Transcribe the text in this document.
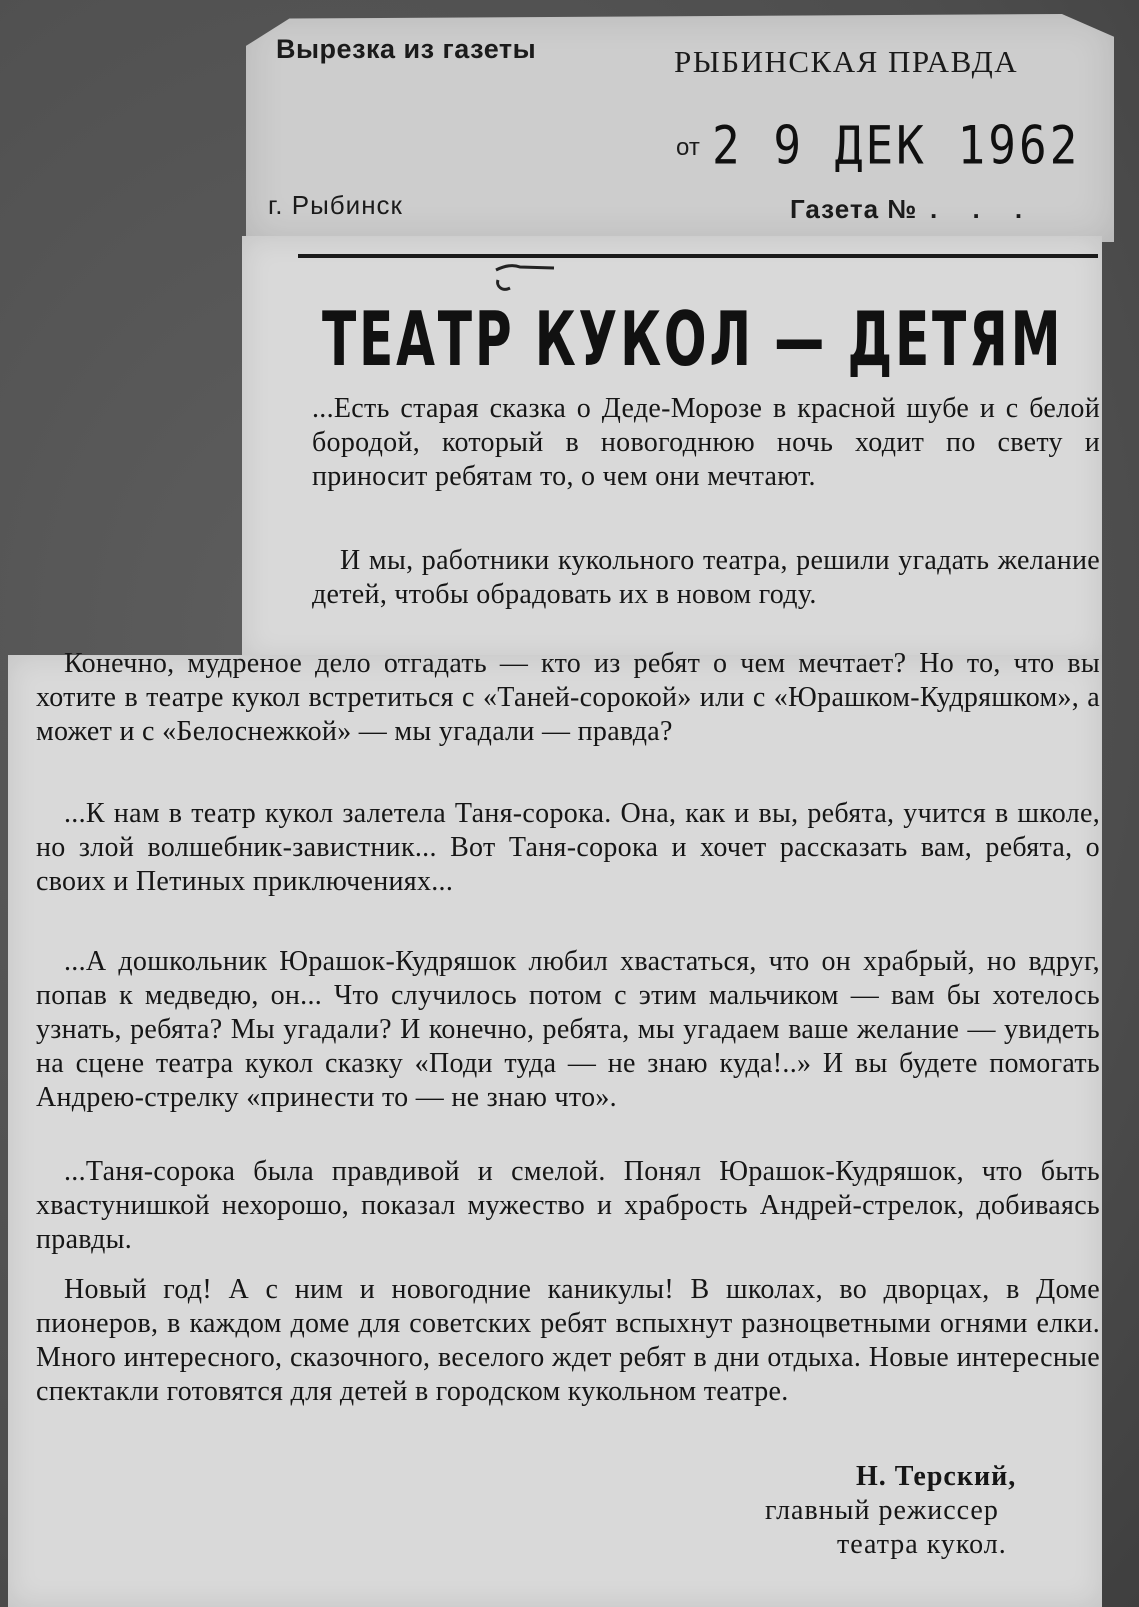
Вырезка из газеты	РЫБИНСКАЯ ПРАВДА
от 2 9 ДЕК 1962
г. Рыбинск	Газета № . . .
ТЕАТР КУКОЛ — ДЕТЯМ
...Есть старая сказка о Деде-Морозе в красной шубе и с белой бородой, который в новогоднюю ночь ходит по свету и приносит ребятам то, о чем они мечтают.
И мы, работники кукольного театра, решили угадать желание детей, чтобы обрадовать их в новом году.
Конечно, мудреное дело отгадать — кто из ребят о чем мечтает? Но то, что вы хотите в театре кукол встретиться с «Таней-сорокой» или с «Юрашком-Кудряшком», а может и с «Белоснежкой» — мы угадали — правда?
...К нам в театр кукол залетела Таня-сорока. Она, как и вы, ребята, учится в школе, но злой волшебник-завистник... Вот Таня-сорока и хочет рассказать вам, ребята, о своих и Петиных приключениях...
...А дошкольник Юрашок-Кудряшок любил хвастаться, что он храбрый, но вдруг, попав к медведю, он... Что случилось потом с этим мальчиком — вам бы хотелось узнать, ребята? Мы угадали? И конечно, ребята, мы угадаем ваше желание — увидеть на сцене театра кукол сказку «Поди туда — не знаю куда!..» И вы будете помогать Андрею-стрелку «принести то — не знаю что».
...Таня-сорока была правдивой и смелой. Понял Юрашок-Кудряшок, что быть хвастунишкой нехорошо, показал мужество и храбрость Андрей-стрелок, добиваясь правды.
Новый год! А с ним и новогодние каникулы! В школах, во дворцах, в Доме пионеров, в каждом доме для советских ребят вспыхнут разноцветными огнями елки. Много интересного, сказочного, веселого ждет ребят в дни отдыха. Новые интересные спектакли готовятся для детей в городском кукольном театре.
Н. Терский,
главный режиссер
театра кукол.
